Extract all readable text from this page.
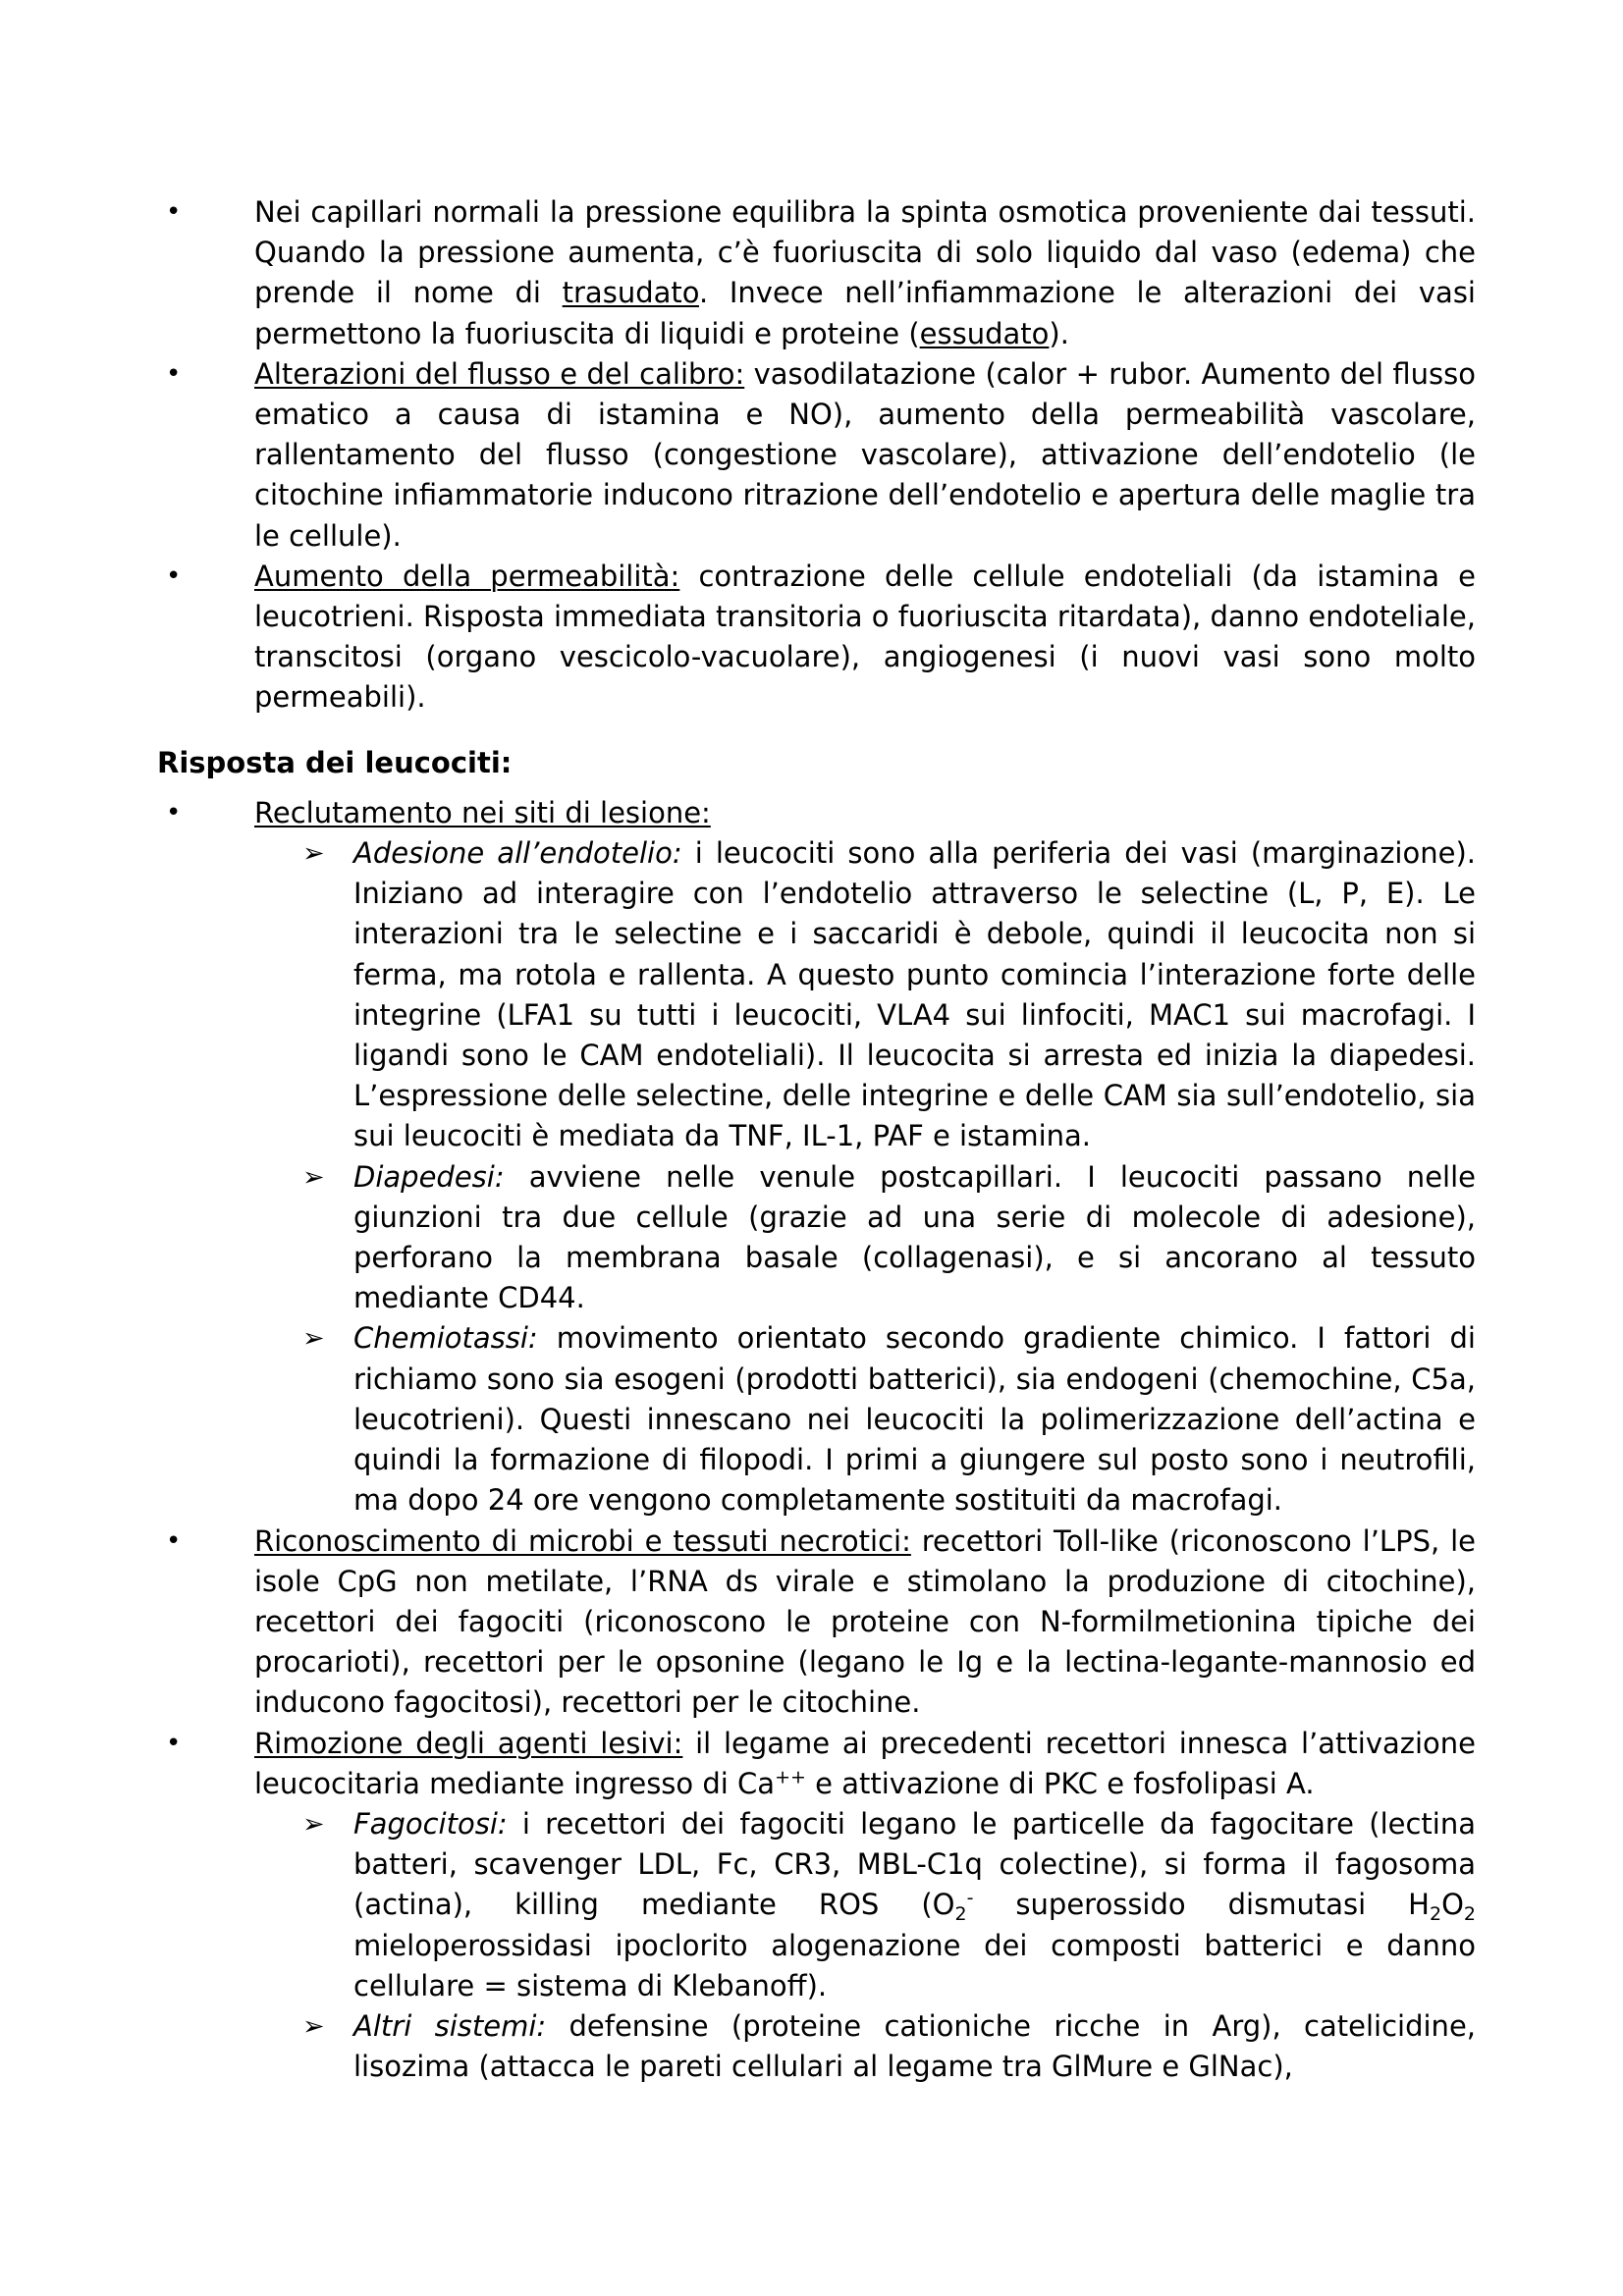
•	Nei capillari normali la pressione equilibra la spinta osmotica proveniente dai tessuti. Quando la pressione aumenta, c’è fuoriuscita di solo liquido dal vaso (edema) che prende il nome di trasudato. Invece nell’infiammazione le alterazioni dei vasi permettono la fuoriuscita di liquidi e proteine (essudato).

•	Alterazioni del flusso e del calibro: vasodilatazione (calor + rubor. Aumento del flusso ematico a causa di istamina e NO), aumento della permeabilità vascolare, rallentamento del flusso (congestione vascolare), attivazione dell’endotelio (le citochine infiammatorie inducono ritrazione dell’endotelio e apertura delle maglie tra le cellule).

•	Aumento della permeabilità: contrazione delle cellule endoteliali (da istamina e leucotrieni. Risposta immediata transitoria o fuoriuscita ritardata), danno endoteliale, transcitosi (organo vescicolo-vacuolare), angiogenesi (i nuovi vasi sono molto permeabili).

Risposta dei leucociti:

•	Reclutamento nei siti di lesione:

➢ Adesione all’endotelio: i leucociti sono alla periferia dei vasi (marginazione). Iniziano ad interagire con l’endotelio attraverso le selectine (L, P, E). Le interazioni tra le selectine e i saccaridi è debole, quindi il leucocita non si ferma, ma rotola e rallenta. A questo punto comincia l’interazione forte delle integrine (LFA1 su tutti i leucociti, VLA4 sui linfociti, MAC1 sui macrofagi. I ligandi sono le CAM endoteliali). Il leucocita si arresta ed inizia la diapedesi. L’espressione delle selectine, delle integrine e delle CAM sia sull’endotelio, sia sui leucociti è mediata da TNF, IL-1, PAF e istamina.

➢ Diapedesi: avviene nelle venule postcapillari. I leucociti passano nelle giunzioni tra due cellule (grazie ad una serie di molecole di adesione), perforano la membrana basale (collagenasi), e si ancorano al tessuto mediante CD44.

➢ Chemiotassi: movimento orientato secondo gradiente chimico. I fattori di richiamo sono sia esogeni (prodotti batterici), sia endogeni (chemochine, C5a, leucotrieni). Questi innescano nei leucociti la polimerizzazione dell’actina e quindi la formazione di filopodi. I primi a giungere sul posto sono i neutrofili, ma dopo 24 ore vengono completamente sostituiti da macrofagi.

•	Riconoscimento di microbi e tessuti necrotici: recettori Toll-like (riconoscono l’LPS, le isole CpG non metilate, l’RNA ds virale e stimolano la produzione di citochine), recettori dei fagociti (riconoscono le proteine con N-formilmetionina tipiche dei procarioti), recettori per le opsonine (legano le Ig e la lectina-legante-mannosio ed inducono fagocitosi), recettori per le citochine.

•	Rimozione degli agenti lesivi: il legame ai precedenti recettori innesca l’attivazione leucocitaria mediante ingresso di Ca++ e attivazione di PKC e fosfolipasi A.

➢ Fagocitosi: i recettori dei fagociti legano le particelle da fagocitare (lectina batteri, scavenger LDL, Fc, CR3, MBL-C1q colectine), si forma il fagosoma (actina), killing mediante ROS ($O_2^-$ superossido dismutasi $H_2O_2$ mieloperossidasi ipoclorito alogenazione dei composti batterici e danno cellulare = sistema di Klebanoff).

➢ Altri sistemi: defensine (proteine cationiche ricche in Arg), catelicidine, lisozima (attacca le pareti cellulari al legame tra GlMure e GlNac),
